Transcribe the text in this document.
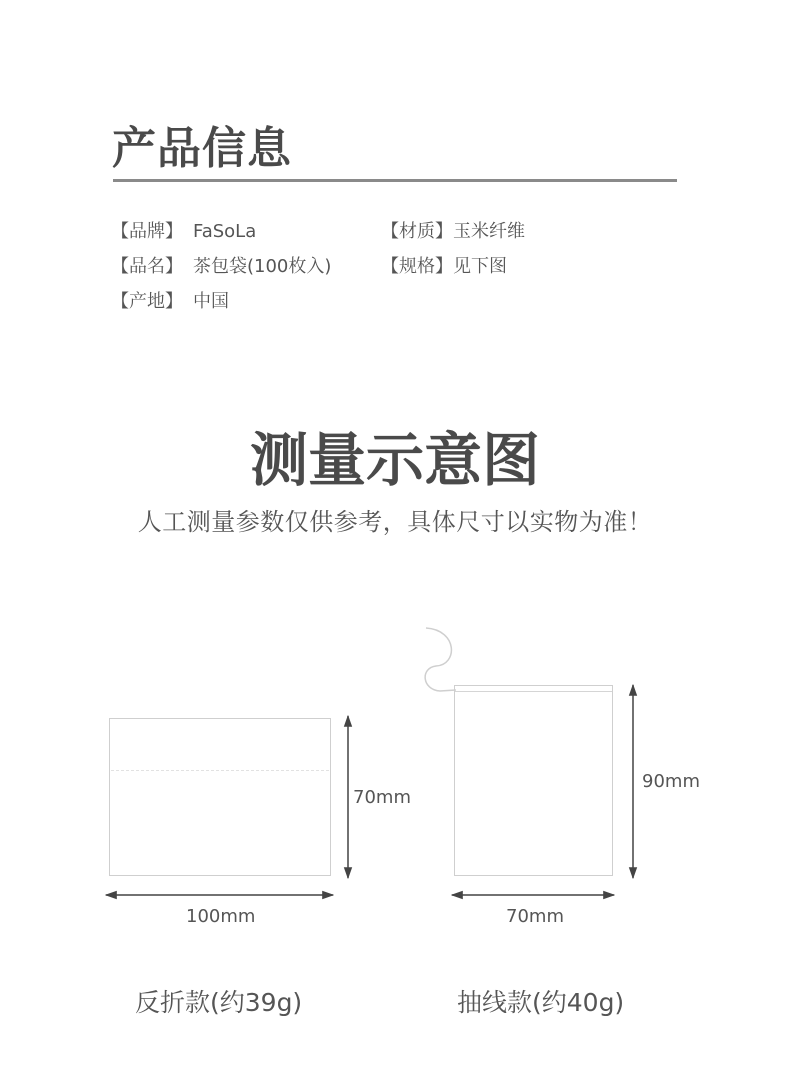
产品信息
【品牌】 FaSoLa	【材质】玉米纤维
【品名】 茶包袋(100枚入)	【规格】见下图
【产地】 中国
测量示意图
人工测量参数仅供参考，具体尺寸以实物为准！
70mm
100mm
90mm
70mm
反折款(约39g)	抽线款(约40g)
